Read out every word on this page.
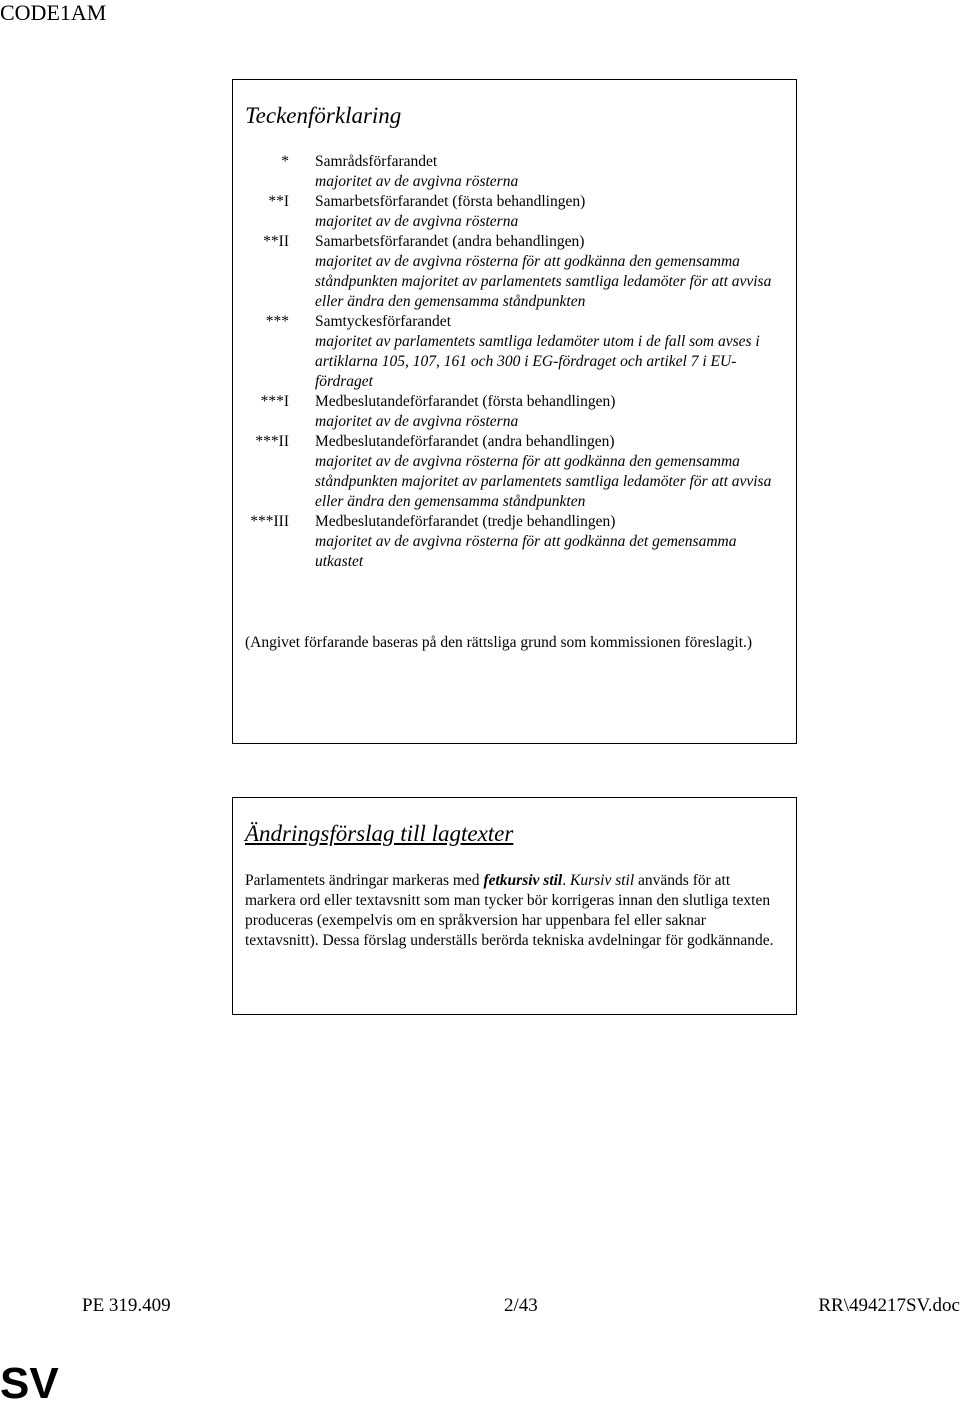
CODE1AM
Teckenförklaring
* Samrådsförfarandet
majoritet av de avgivna rösterna
**I Samarbetsförfarandet (första behandlingen)
majoritet av de avgivna rösterna
**II Samarbetsförfarandet (andra behandlingen)
majoritet av de avgivna rösterna för att godkänna den gemensamma ståndpunkten majoritet av parlamentets samtliga ledamöter för att avvisa eller ändra den gemensamma ståndpunkten
*** Samtyckesförfarandet
majoritet av parlamentets samtliga ledamöter utom i de fall som avses i artiklarna 105, 107, 161 och 300 i EG-fördraget och artikel 7 i EU-fördraget
***I Medbeslutandeförfarandet (första behandlingen)
majoritet av de avgivna rösterna
***II Medbeslutandeförfarandet (andra behandlingen)
majoritet av de avgivna rösterna för att godkänna den gemensamma ståndpunkten majoritet av parlamentets samtliga ledamöter för att avvisa eller ändra den gemensamma ståndpunkten
***III Medbeslutandeförfarandet (tredje behandlingen)
majoritet av de avgivna rösterna för att godkänna det gemensamma utkastet
(Angivet förfarande baseras på den rättsliga grund som kommissionen föreslagit.)
Ändringsförslag till lagtexter
Parlamentets ändringar markeras med fetkursiv stil. Kursiv stil används för att markera ord eller textavsnitt som man tycker bör korrigeras innan den slutliga texten produceras (exempelvis om en språkversion har uppenbara fel eller saknar textavsnitt). Dessa förslag underställs berörda tekniska avdelningar för godkännande.
PE 319.409	2/43	RR\494217SV.doc
SV
